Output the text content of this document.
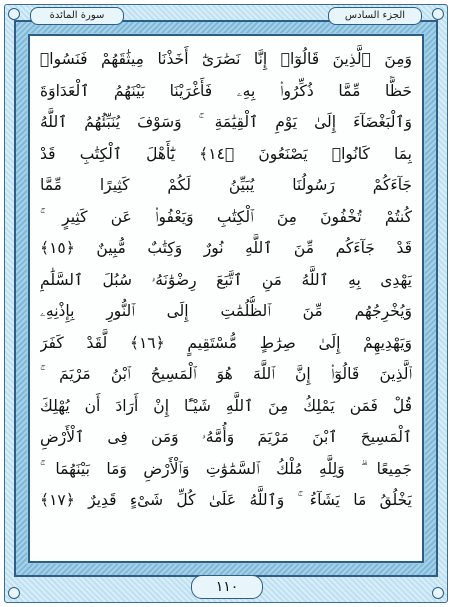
الجزء السادس
سورة المائدة
وَمِنَ ٱلَّذِينَ قَالُوٓا۟ إِنَّا نَصَٰرَىٰٓ أَخَذْنَا مِيثَٰقَهُمْ فَنَسُوا۟
حَظًّا مِّمَّا ذُكِّرُوا۟ بِهِۦ فَأَغْرَيْنَا بَيْنَهُمُ ٱلْعَدَاوَةَ
وَٱلْبَغْضَآءَ إِلَىٰ يَوْمِ ٱلْقِيَٰمَةِ ۚ وَسَوْفَ يُنَبِّئُهُمُ ٱللَّهُ
بِمَا كَانُوا۟ يَصْنَعُونَ ﴿١٤﴾ يَٰٓأَهْلَ ٱلْكِتَٰبِ قَدْ
جَآءَكُمْ رَسُولُنَا يُبَيِّنُ لَكُمْ كَثِيرًا مِّمَّا
كُنتُمْ تُخْفُونَ مِنَ ٱلْكِتَٰبِ وَيَعْفُوا۟ عَن كَثِيرٍ ۚ
قَدْ جَآءَكُم مِّنَ ٱللَّهِ نُورٌ وَكِتَٰبٌ مُّبِينٌ ﴿١٥﴾
يَهْدِى بِهِ ٱللَّهُ مَنِ ٱتَّبَعَ رِضْوَٰنَهُۥ سُبُلَ ٱلسَّلَٰمِ
وَيُخْرِجُهُم مِّنَ ٱلظُّلُمَٰتِ إِلَى ٱلنُّورِ بِإِذْنِهِۦ
وَيَهْدِيهِمْ إِلَىٰ صِرَٰطٍ مُّسْتَقِيمٍ ﴿١٦﴾ لَّقَدْ كَفَرَ
ٱلَّذِينَ قَالُوٓا۟ إِنَّ ٱللَّهَ هُوَ ٱلْمَسِيحُ ٱبْنُ مَرْيَمَ ۚ
قُلْ فَمَن يَمْلِكُ مِنَ ٱللَّهِ شَيْـًٔا إِنْ أَرَادَ أَن يُهْلِكَ
ٱلْمَسِيحَ ٱبْنَ مَرْيَمَ وَأُمَّهُۥ وَمَن فِى ٱلْأَرْضِ
جَمِيعًا ۗ وَلِلَّهِ مُلْكُ ٱلسَّمَٰوَٰتِ وَٱلْأَرْضِ وَمَا بَيْنَهُمَا ۚ
يَخْلُقُ مَا يَشَآءُ ۚ وَٱللَّهُ عَلَىٰ كُلِّ شَىْءٍ قَدِيرٌ ﴿١٧﴾
١١٠
